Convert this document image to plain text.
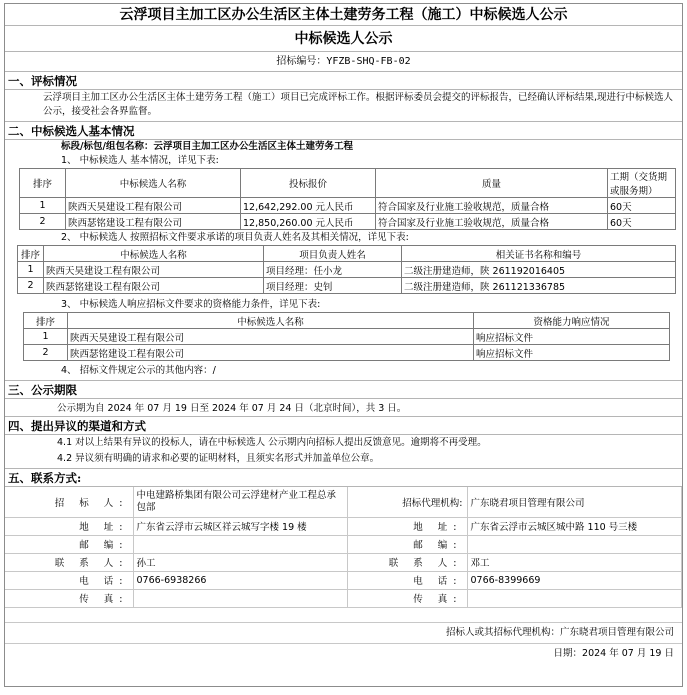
云浮项目主加工区办公生活区主体土建劳务工程（施工）中标候选人公示
中标候选人公示
招标编号：YFZB-SHQ-FB-02
一、评标情况
云浮项目主加工区办公生活区主体土建劳务工程（施工）项目已完成评标工作。根据评标委员会提交的评标报告，已经确认评标结果,现进行中标候选人公示，接受社会各界监督。
二、中标候选人基本情况
标段/标包/组包名称：云浮项目主加工区办公生活区主体土建劳务工程
1、 中标候选人 基本情况，详见下表:
排序	中标候选人名称	投标报价	质量	工期（交货期或服务期）
1	陕西天昊建设工程有限公司	12,642,292.00 元人民币	符合国家及行业施工验收规范，质量合格	60天
2	陕西瑟铭建设工程有限公司	12,850,260.00 元人民币	符合国家及行业施工验收规范，质量合格	60天
2、 中标候选人 按照招标文件要求承诺的项目负责人姓名及其相关情况，详见下表:
排序	中标候选人名称	项目负责人姓名	相关证书名称和编号
1	陕西天昊建设工程有限公司	项目经理：任小龙	二级注册建造师，陕 261192016405
2	陕西瑟铭建设工程有限公司	项目经理：史钊	二级注册建造师，陕 261121336785
3、 中标候选人响应招标文件要求的资格能力条件，详见下表:
排序	中标候选人名称	资格能力响应情况
1	陕西天昊建设工程有限公司	响应招标文件
2	陕西瑟铭建设工程有限公司	响应招标文件
4、 招标文件规定公示的其他内容：/
三、公示期限
公示期为自 2024 年 07 月 19 日至 2024 年 07 月 24 日（北京时间），共 3 日。
四、提出异议的渠道和方式
4.1 对以上结果有异议的投标人，请在中标候选人 公示期内向招标人提出反馈意见。逾期将不再受理。
4.2 异议须有明确的请求和必要的证明材料，且须实名形式并加盖单位公章。
五、联系方式:
招 标 人:	中电建路桥集团有限公司云浮建材产业工程总承包部	招标代理机构:	广东晓君项目管理有限公司
地 址:	广东省云浮市云城区祥云城写字楼 19 楼	地 址:	广东省云浮市云城区城中路 110 号三楼
邮 编:		邮 编:	
联 系 人:	孙工	联 系 人:	邓工
电 话:	0766-6938266	电 话:	0766-8399669
传 真:		传 真:	
招标人或其招标代理机构：广东晓君项目管理有限公司
日期：2024 年 07 月 19 日
